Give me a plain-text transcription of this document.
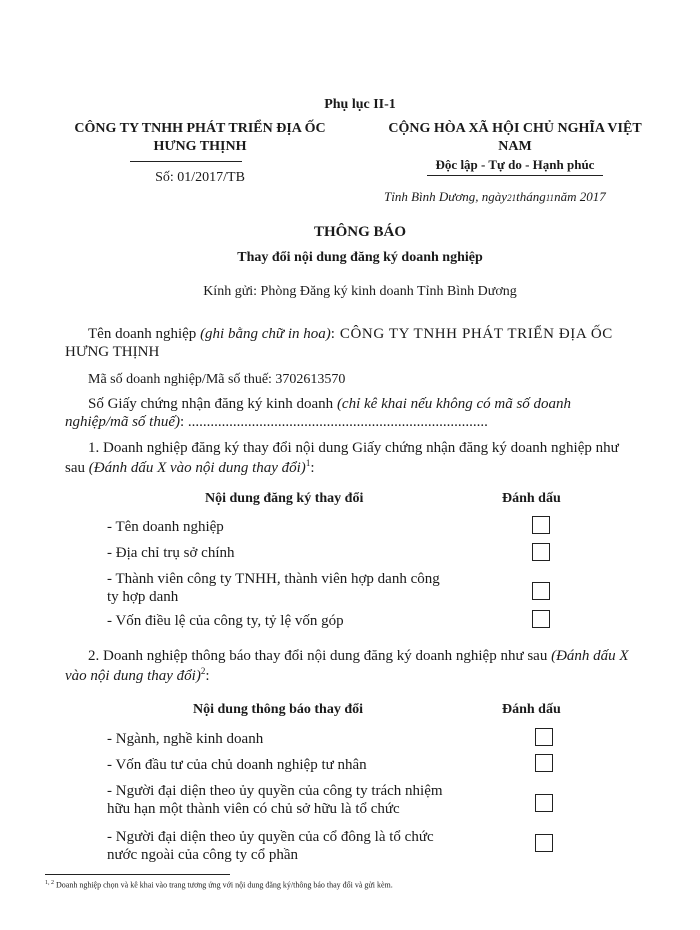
Phụ lục II-1
CÔNG TY TNHH PHÁT TRIỂN ĐỊA ỐC
HƯNG THỊNH
Số: 01/2017/TB
CỘNG HÒA XÃ HỘI CHỦ NGHĨA VIỆT
NAM
Độc lập - Tự do - Hạnh phúc
Tỉnh Bình Dương, ngày21tháng11năm 2017
THÔNG BÁO
Thay đổi nội dung đăng ký doanh nghiệp
Kính gửi: Phòng Đăng ký kinh doanh Tỉnh Bình Dương
Tên doanh nghiệp (ghi bằng chữ in hoa): CÔNG TY TNHH PHÁT TRIỂN ĐỊA ỐC
HƯNG THỊNH
Mã số doanh nghiệp/Mã số thuế: 3702613570
Số Giấy chứng nhận đăng ký kinh doanh (chỉ kê khai nếu không có mã số doanh
nghiệp/mã số thuế): ................................................................................
1. Doanh nghiệp đăng ký thay đổi nội dung Giấy chứng nhận đăng ký doanh nghiệp như
sau (Đánh dấu X vào nội dung thay đổi)$^1$:
Nội dung đăng ký thay đổi	Đánh dấu
- Tên doanh nghiệp
- Địa chỉ trụ sở chính
- Thành viên công ty TNHH, thành viên hợp danh công
ty hợp danh
- Vốn điều lệ của công ty, tỷ lệ vốn góp
2. Doanh nghiệp thông báo thay đổi nội dung đăng ký doanh nghiệp như sau (Đánh dấu X
vào nội dung thay đổi)$^2$:
Nội dung thông báo thay đổi	Đánh dấu
- Ngành, nghề kinh doanh
- Vốn đầu tư của chủ doanh nghiệp tư nhân
- Người đại diện theo ủy quyền của công ty trách nhiệm
hữu hạn một thành viên có chủ sở hữu là tổ chức
- Người đại diện theo ủy quyền của cổ đông là tổ chức
nước ngoài của công ty cổ phần
$^{1, 2}$ Doanh nghiệp chọn và kê khai vào trang tương ứng với nội dung đăng ký/thông báo thay đổi và gửi kèm.
